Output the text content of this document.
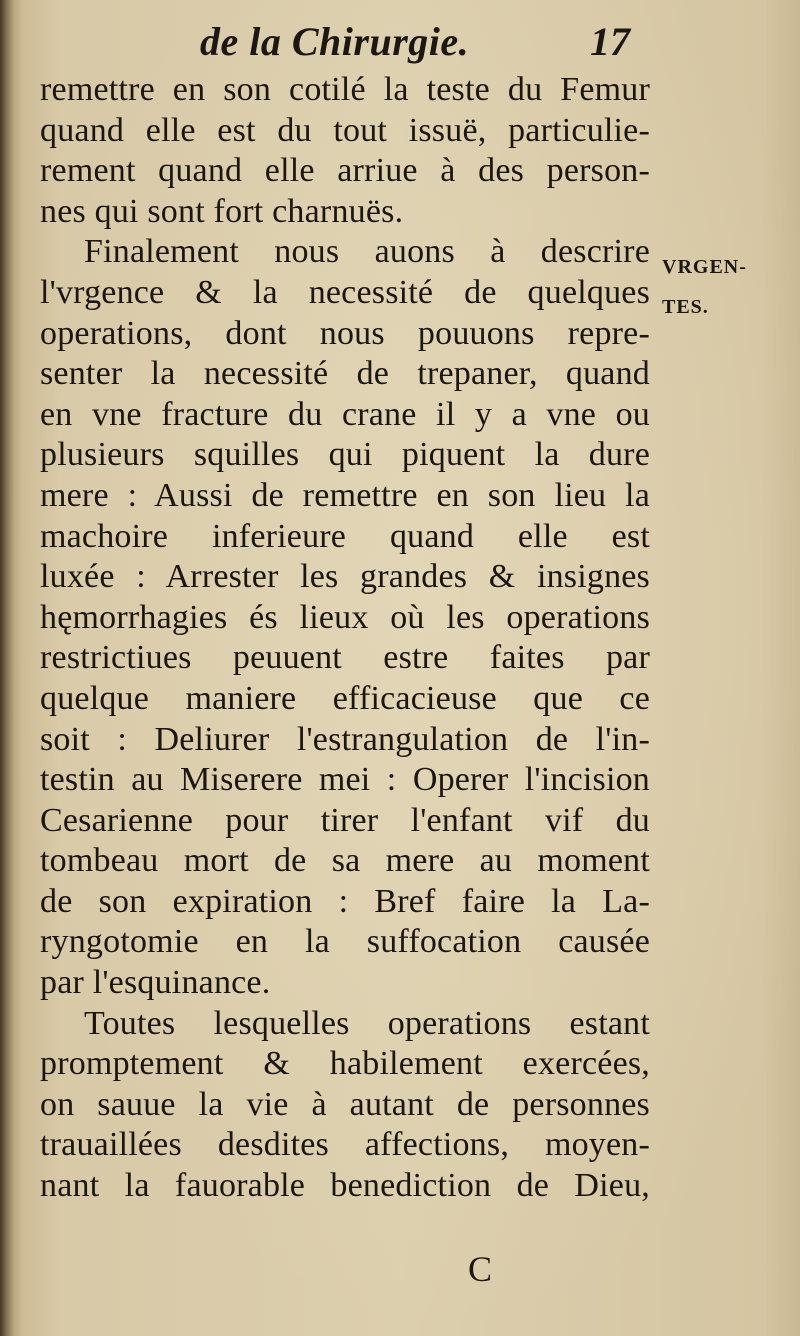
de la Chirurgie.	17
remettre en son cotilé la teste du Femur
quand elle est du tout issuë, particulie-
rement quand elle arriue à des person-
nes qui sont fort charnuës.
Finalement nous auons à descrire
l'vrgence & la necessité de quelques
operations, dont nous pouuons repre-
senter la necessité de trepaner, quand
en vne fracture du crane il y a vne ou
plusieurs squilles qui piquent la dure
mere : Aussi de remettre en son lieu la
machoire inferieure quand elle est
luxée : Arrester les grandes & insignes
hęmorrhagies és lieux où les operations
restrictiues peuuent estre faites par
quelque maniere efficacieuse que ce
soit : Deliurer l'estrangulation de l'in-
testin au Miserere mei : Operer l'incision
Cesarienne pour tirer l'enfant vif du
tombeau mort de sa mere au moment
de son expiration : Bref faire la La-
ryngotomie en la suffocation causée
par l'esquinance.
Toutes lesquelles operations estant
promptement & habilement exercées,
on sauue la vie à autant de personnes
trauaillées desdites affections, moyen-
nant la fauorable benediction de Dieu,
VRGEN-
TES.
C
